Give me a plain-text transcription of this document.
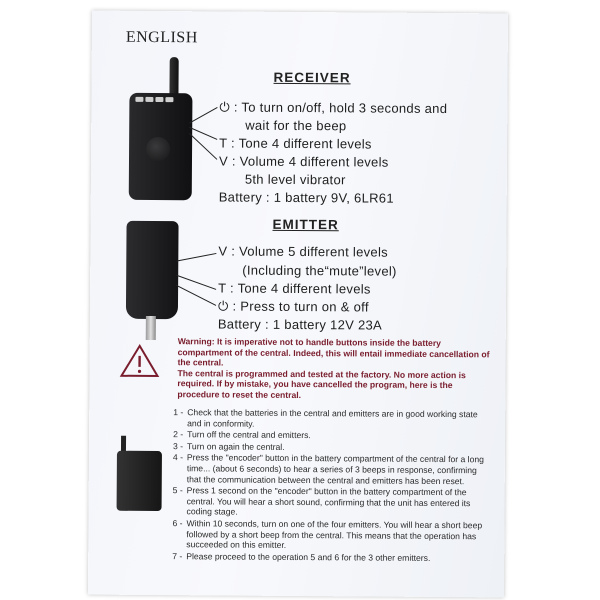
ENGLISH
RECEIVER
⏻ : To turn on/off, hold 3 seconds and
wait for the beep
T : Tone 4 different levels
V : Volume 4 different levels
5th level vibrator
Battery : 1 battery 9V, 6LR61
EMITTER
V : Volume 5 different levels
(Including the“mute”level)
T : Tone 4 different levels
⏻ : Press to turn on & off
Battery : 1 battery 12V 23A

Warning: It is imperative not to handle buttons inside the battery compartment of the central. Indeed, this will entail immediate cancellation of the central.

The central is programmed and tested at the factory. No more action is required. If by mistake, you have cancelled the program, here is the procedure to reset the central.

1 - Check that the batteries in the central and emitters are in good working state and in conformity.
2 - Turn off the central and emitters.
3 - Turn on again the central.
4 - Press the "encoder" button in the battery compartment of the central for a long time... (about 6 seconds) to hear a series of 3 beeps in response, confirming that the communication between the central and emitters has been reset.
5 - Press 1 second on the "encoder" button in the battery compartment of the central. You will hear a short sound, confirming that the unit has entered its coding stage.
6 - Within 10 seconds, turn on one of the four emitters. You will hear a short beep followed by a short beep from the central. This means that the operation has succeeded on this emitter.
7 - Please proceed to the operation 5 and 6 for the 3 other emitters.
